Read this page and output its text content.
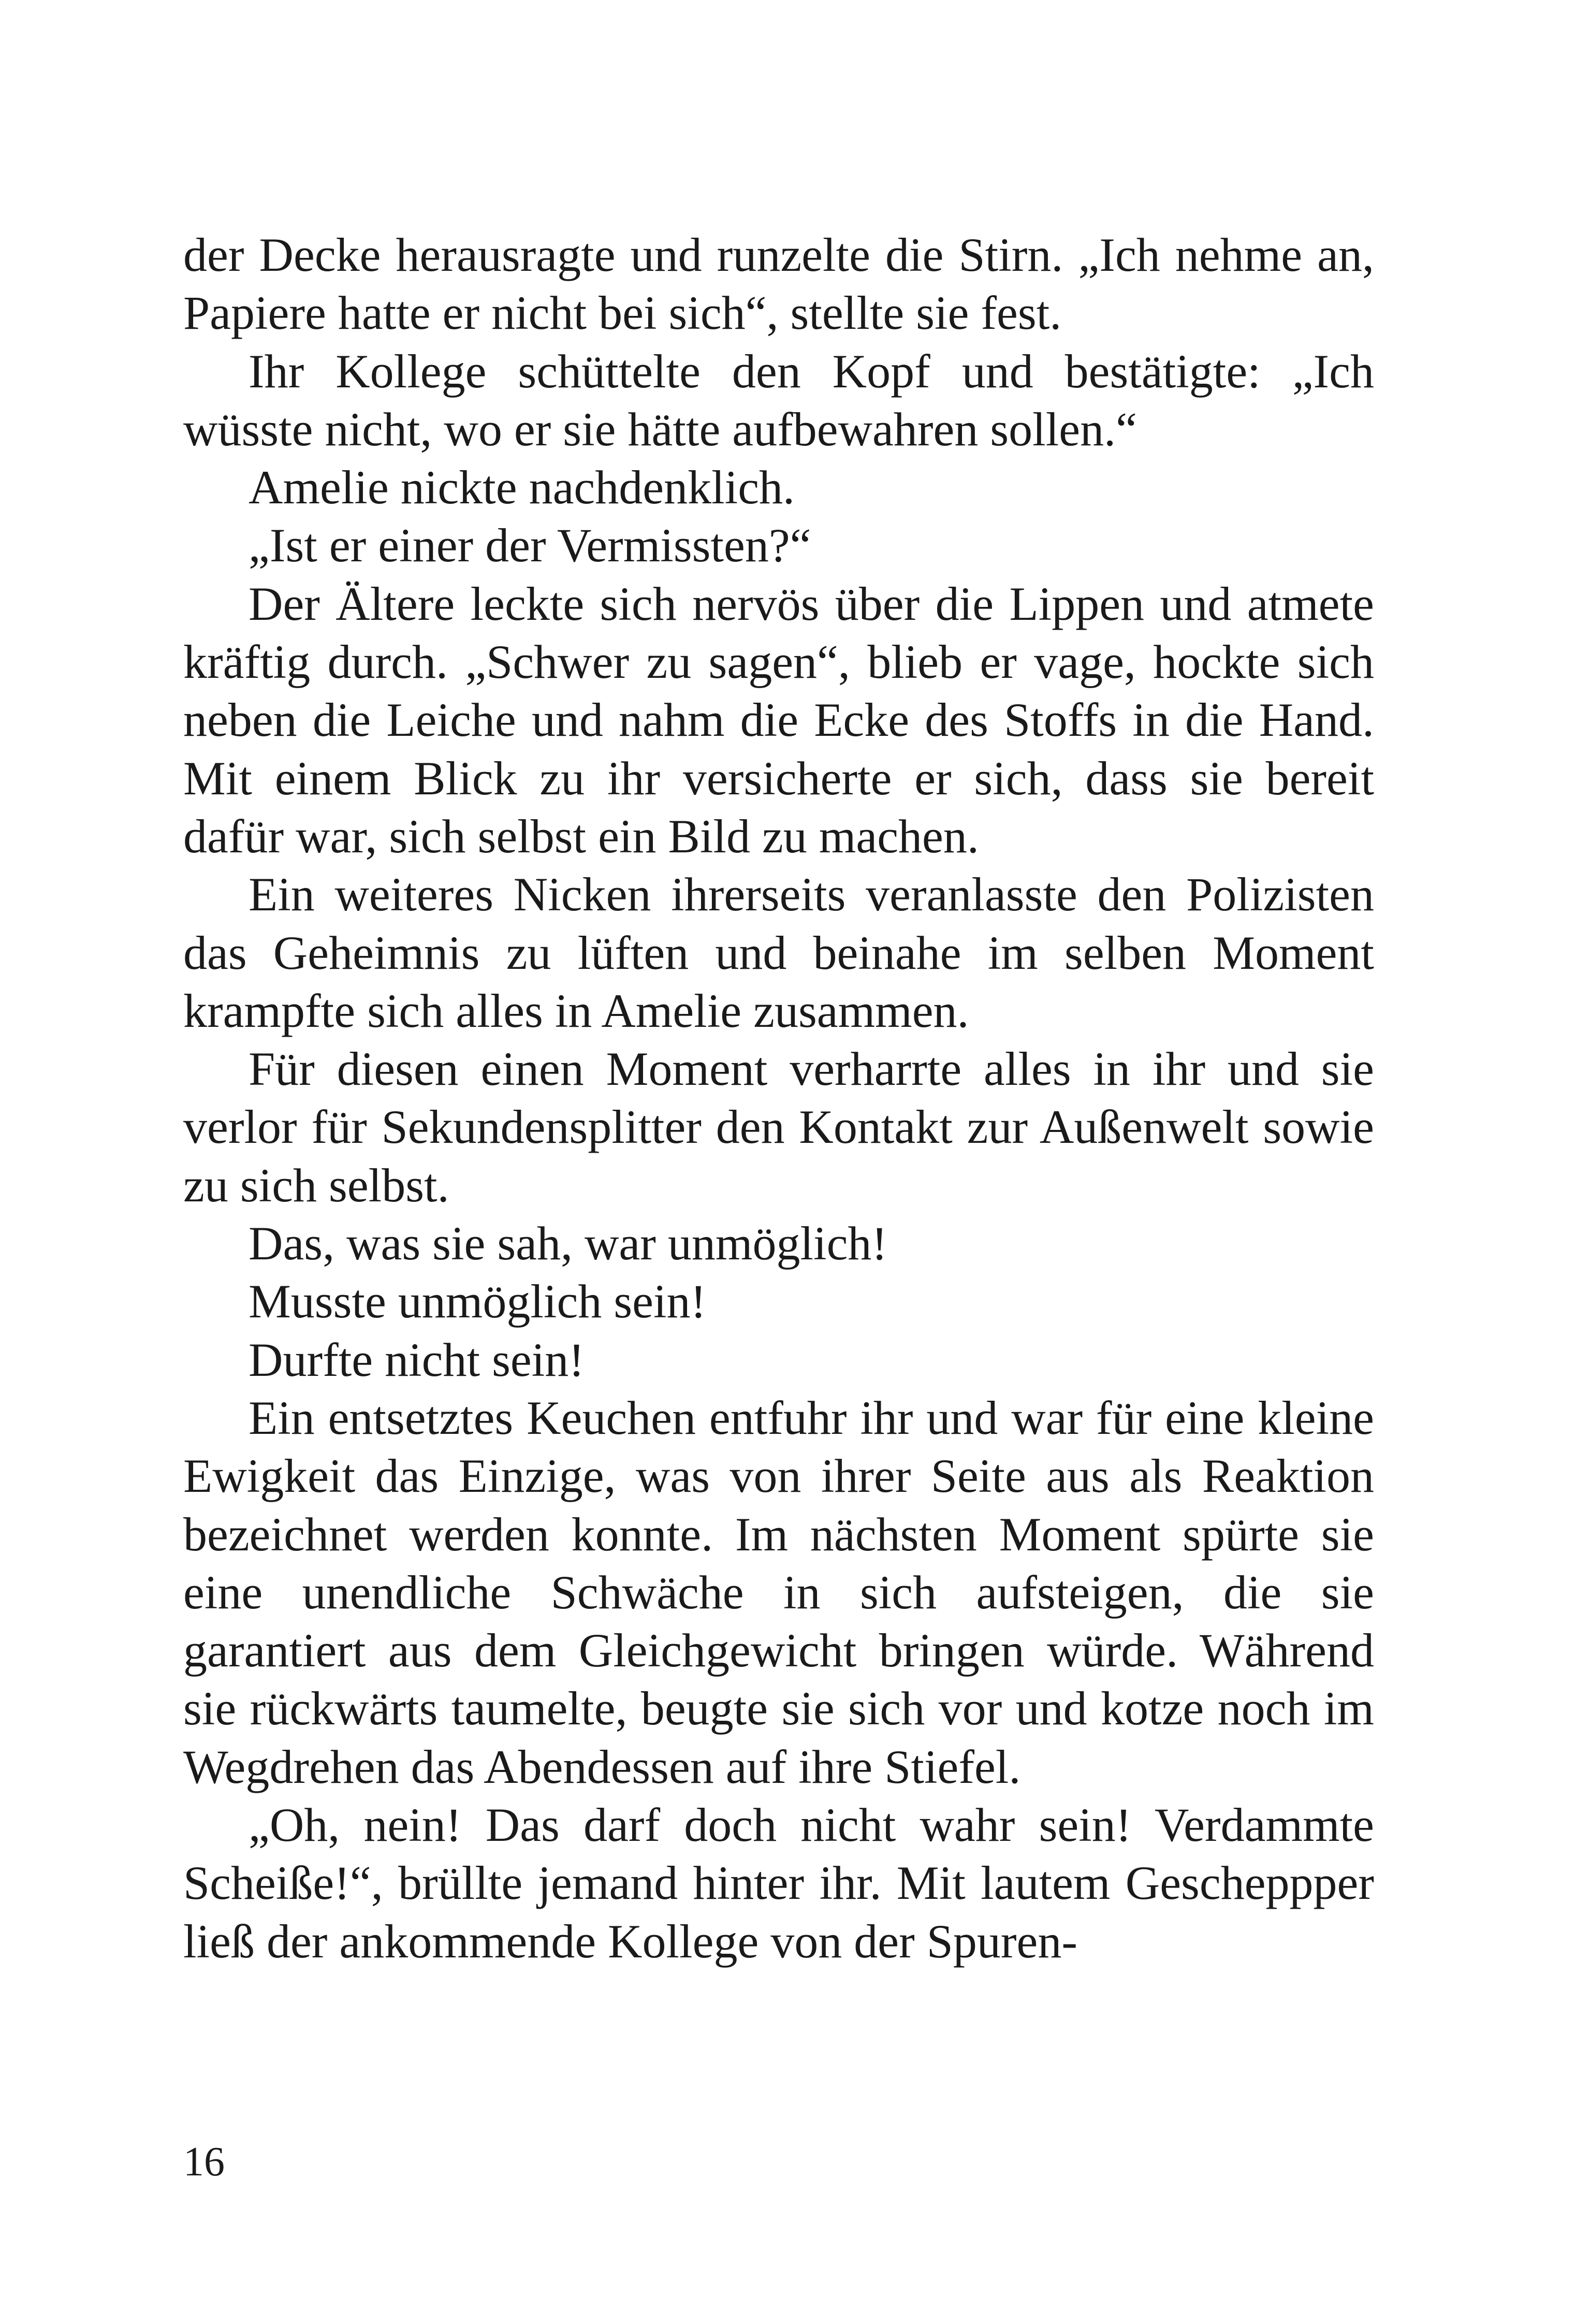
der Decke herausragte und runzelte die Stirn. „Ich nehme an, Papiere hatte er nicht bei sich“, stellte sie fest.

Ihr Kollege schüttelte den Kopf und bestätigte: „Ich wüsste nicht, wo er sie hätte aufbewahren sollen.“

Amelie nickte nachdenklich.

„Ist er einer der Vermissten?“

Der Ältere leckte sich nervös über die Lippen und atmete kräftig durch. „Schwer zu sagen“, blieb er vage, hockte sich neben die Leiche und nahm die Ecke des Stoffs in die Hand. Mit einem Blick zu ihr versicherte er sich, dass sie bereit dafür war, sich selbst ein Bild zu machen.

Ein weiteres Nicken ihrerseits veranlasste den Polizisten das Geheimnis zu lüften und beinahe im selben Moment krampfte sich alles in Amelie zusammen.

Für diesen einen Moment verharrte alles in ihr und sie verlor für Sekundensplitter den Kontakt zur Außenwelt sowie zu sich selbst.

Das, was sie sah, war unmöglich!

Musste unmöglich sein!

Durfte nicht sein!

Ein entsetztes Keuchen entfuhr ihr und war für eine kleine Ewigkeit das Einzige, was von ihrer Seite aus als Reaktion bezeichnet werden konnte. Im nächsten Moment spürte sie eine unendliche Schwäche in sich aufsteigen, die sie garantiert aus dem Gleichgewicht bringen würde. Während sie rückwärts taumelte, beugte sie sich vor und kotze noch im Wegdrehen das Abendessen auf ihre Stiefel.

„Oh, nein! Das darf doch nicht wahr sein! Verdammte Scheiße!“, brüllte jemand hinter ihr. Mit lautem Gescheppper ließ der ankommende Kollege von der Spuren-

16
